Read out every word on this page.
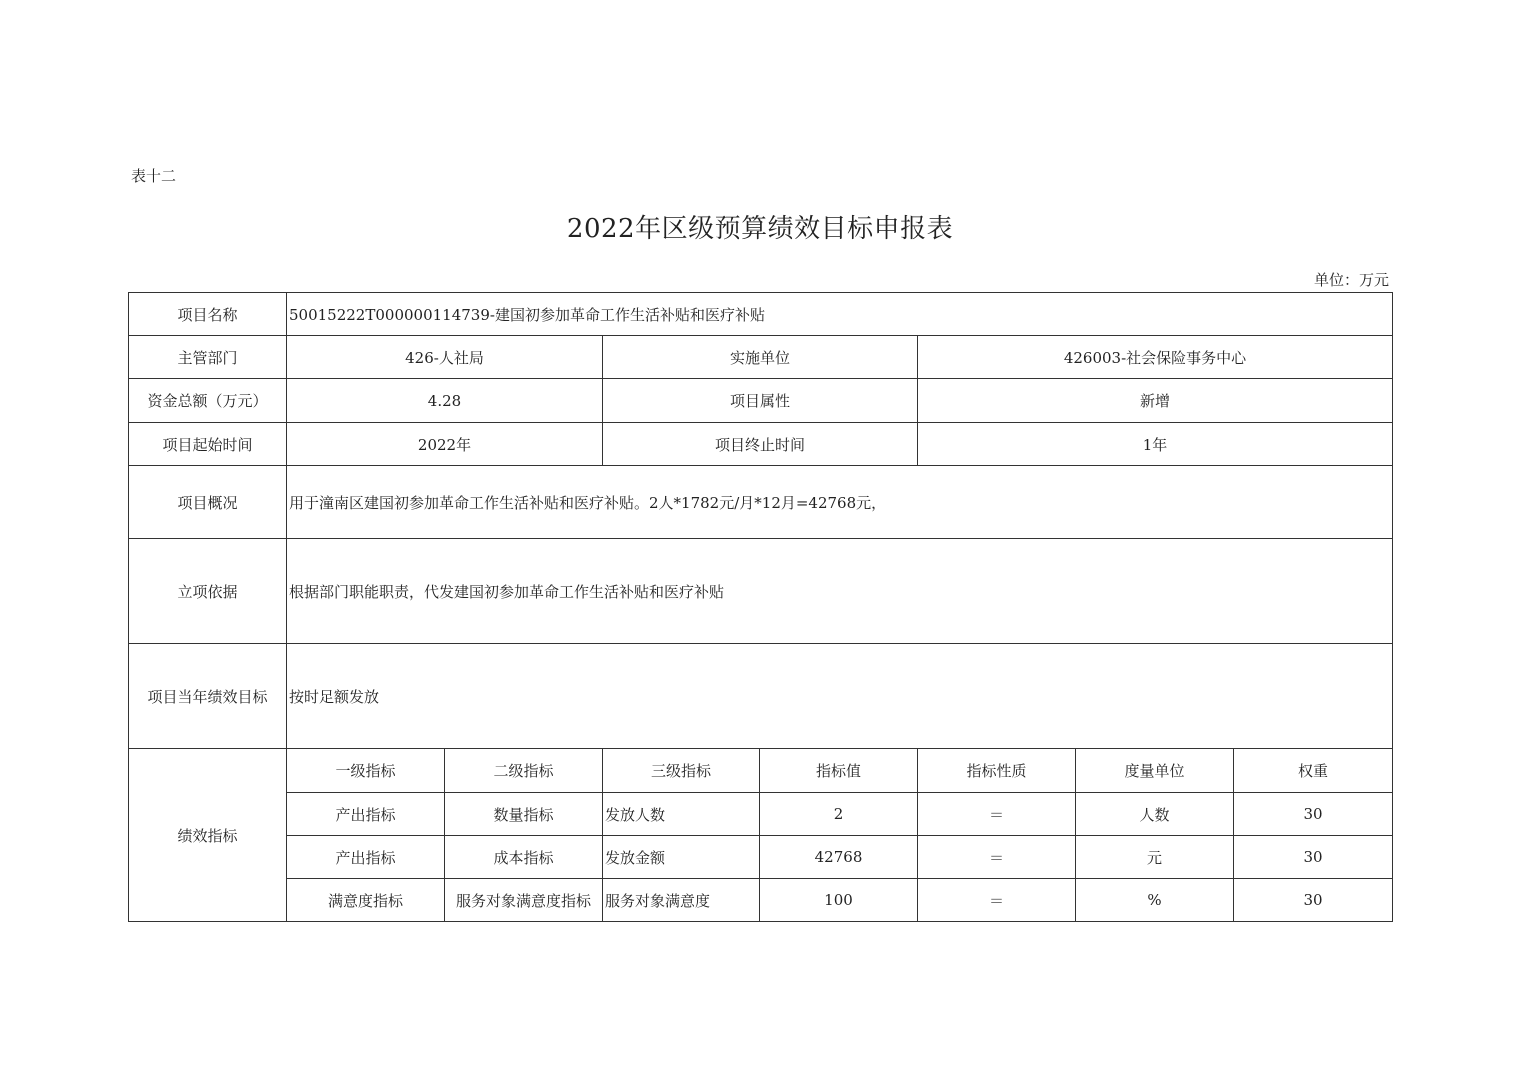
表十二
2022年区级预算绩效目标申报表
单位：万元
项目名称	50015222T000000114739-建国初参加革命工作生活补贴和医疗补贴						
主管部门	426-人社局		实施单位		426003-社会保险事务中心		
资金总额（万元）	4.28		项目属性		新增		
项目起始时间	2022年		项目终止时间		1年		
项目概况	用于潼南区建国初参加革命工作生活补贴和医疗补贴。2人*1782元/月*12月=42768元，						
立项依据	根据部门职能职责，代发建国初参加革命工作生活补贴和医疗补贴						
项目当年绩效目标	按时足额发放						
绩效指标	一级指标	二级指标	三级指标	指标值	指标性质	度量单位	权重
	产出指标	数量指标	发放人数	2	＝	人数	30
	产出指标	成本指标	发放金额	42768	＝	元	30
	满意度指标	服务对象满意度指标	服务对象满意度	100	＝	%	30
